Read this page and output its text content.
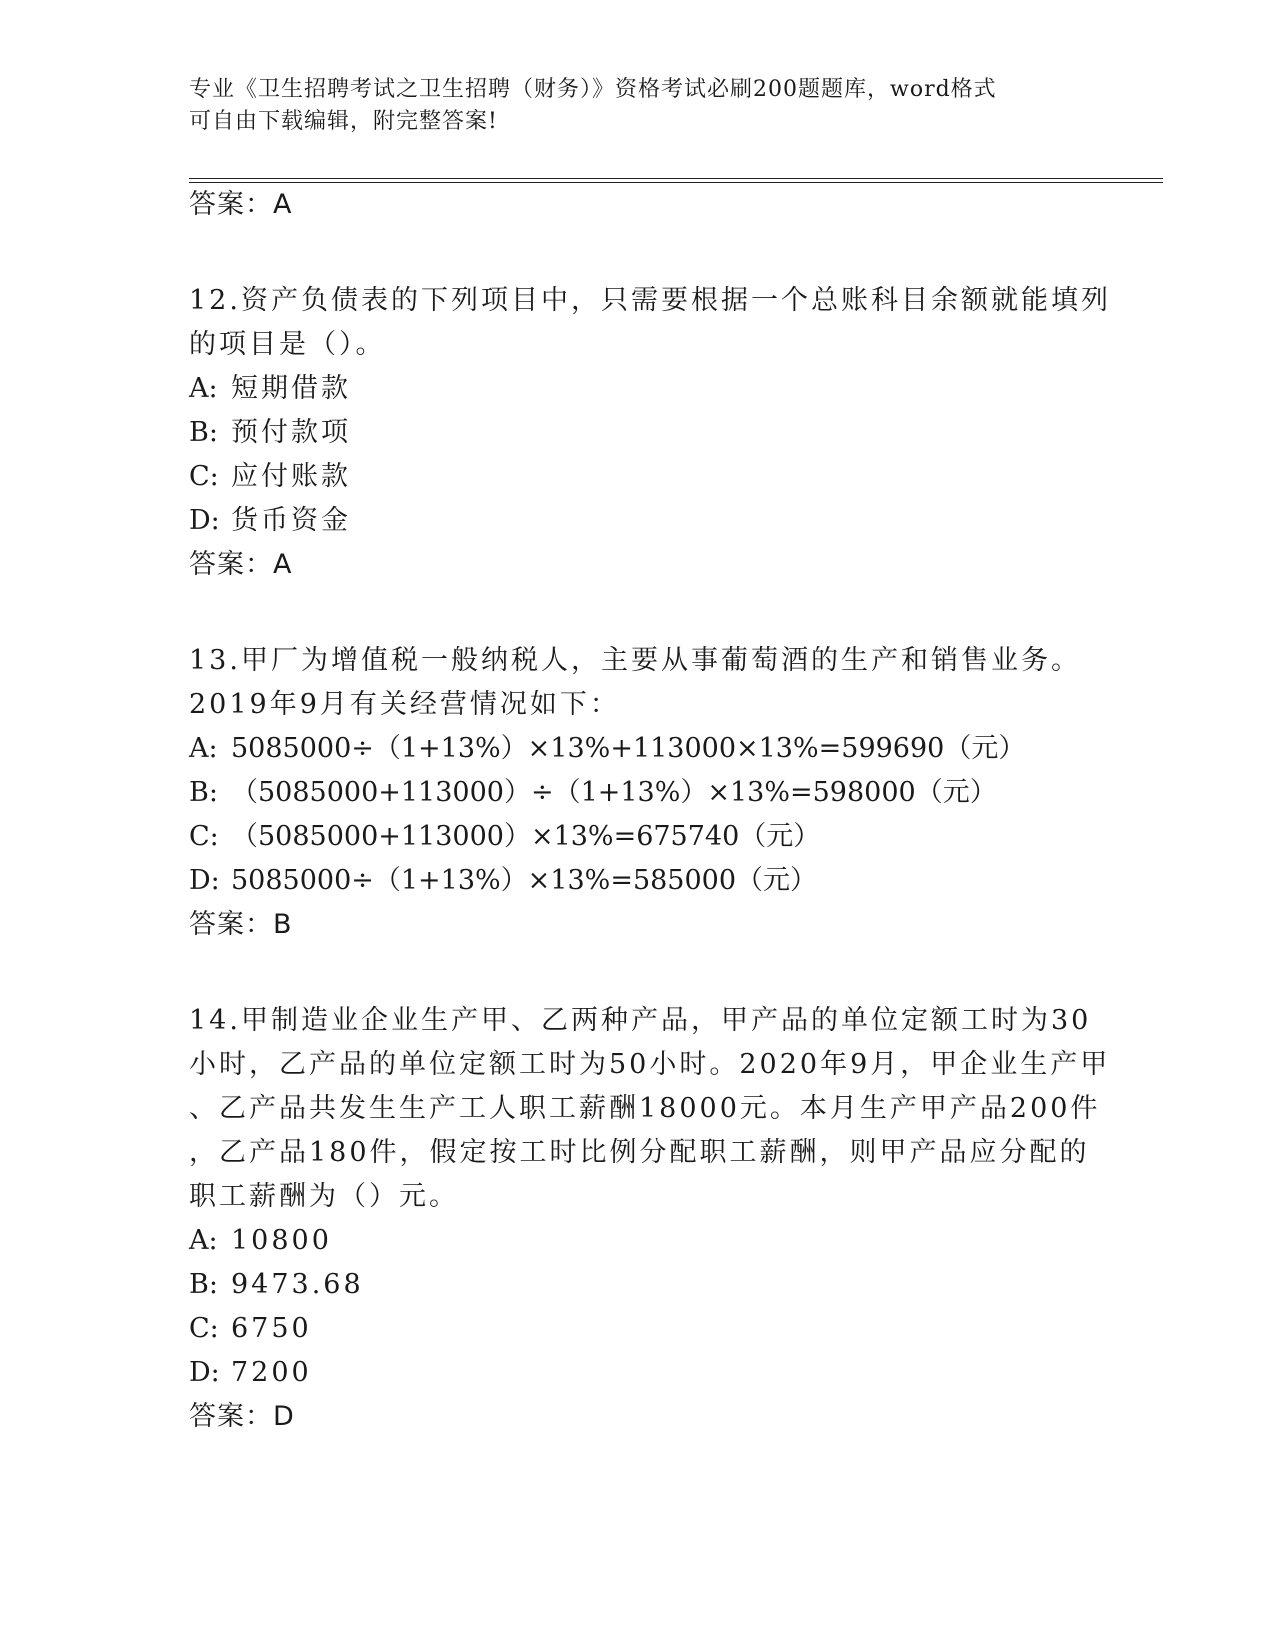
专业《卫生招聘考试之卫生招聘（财务）》资格考试必刷200题题库，word格式
可自由下载编辑，附完整答案!
答案：A
12.资产负债表的下列项目中，只需要根据一个总账科目余额就能填列
的项目是（）。
A: 短期借款
B: 预付款项
C: 应付账款
D: 货币资金
答案：A
13.甲厂为增值税一般纳税人，主要从事葡萄酒的生产和销售业务。
2019年9月有关经营情况如下：
A: 5085000÷（1+13%）×13%+113000×13%=599690（元）
B: （5085000+113000）÷（1+13%）×13%=598000（元）
C: （5085000+113000）×13%=675740（元）
D: 5085000÷（1+13%）×13%=585000（元）
答案：B
14.甲制造业企业生产甲、乙两种产品，甲产品的单位定额工时为30
小时，乙产品的单位定额工时为50小时。2020年9月，甲企业生产甲
、乙产品共发生生产工人职工薪酬18000元。本月生产甲产品200件
，乙产品180件，假定按工时比例分配职工薪酬，则甲产品应分配的
职工薪酬为（）元。
A: 10800
B: 9473.68
C: 6750
D: 7200
答案：D
